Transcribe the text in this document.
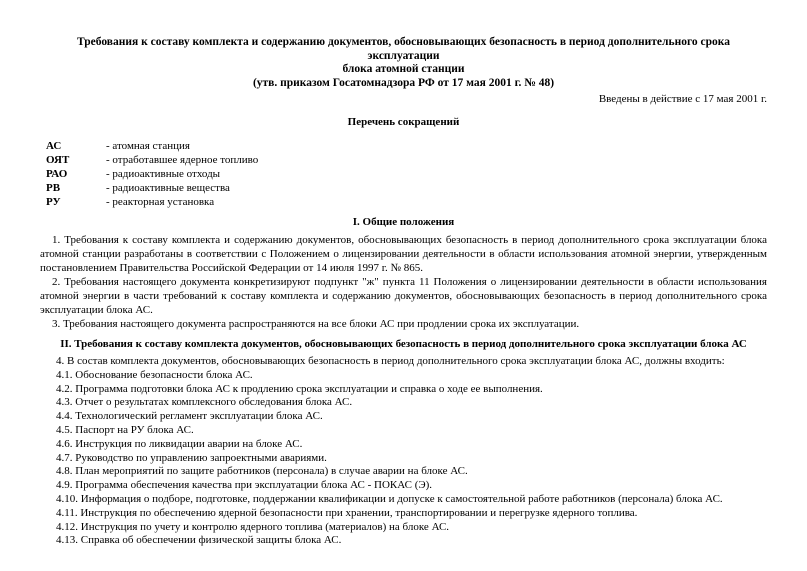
Требования к составу комплекта и содержанию документов, обосновывающих безопасность в период дополнительного срока эксплуатации
блока атомной станции
(утв. приказом Госатомнадзора РФ от 17 мая 2001 г. № 48)
Введены в действие с 17 мая 2001 г.
Перечень сокращений
АС	- атомная станция
ОЯТ	- отработавшее ядерное топливо
РАО	- радиоактивные отходы
РВ	- радиоактивные вещества
РУ	- реакторная установка
I. Общие положения

1. Требования к составу комплекта и содержанию документов, обосновывающих безопасность в период дополнительного срока эксплуатации блока атомной станции разработаны в соответствии с Положением о лицензировании деятельности в области использования атомной энергии, утвержденным постановлением Правительства Российской Федерации от 14 июля 1997 г. № 865.

2. Требования настоящего документа конкретизируют подпункт "ж" пункта 11 Положения о лицензировании деятельности в области использования атомной энергии в части требований к составу комплекта и содержанию документов, обосновывающих безопасность в период дополнительного срока эксплуатации блока АС.

3. Требования настоящего документа распространяются на все блоки АС при продлении срока их эксплуатации.

II. Требования к составу комплекта документов, обосновывающих безопасность в период дополнительного срока эксплуатации блока АС
4. В состав комплекта документов, обосновывающих безопасность в период дополнительного срока эксплуатации блока АС, должны входить:
4.1. Обоснование безопасности блока АС.
4.2. Программа подготовки блока АС к продлению срока эксплуатации и справка о ходе ее выполнения.
4.3. Отчет о результатах комплексного обследования блока АС.
4.4. Технологический регламент эксплуатации блока АС.
4.5. Паспорт на РУ блока АС.
4.6. Инструкция по ликвидации аварии на блоке АС.
4.7. Руководство по управлению запроектными авариями.
4.8. План мероприятий по защите работников (персонала) в случае аварии на блоке АС.
4.9. Программа обеспечения качества при эксплуатации блока АС - ПОКАС (Э).
4.10. Информация о подборе, подготовке, поддержании квалификации и допуске к самостоятельной работе работников (персонала) блока АС.
4.11. Инструкция по обеспечению ядерной безопасности при хранении, транспортировании и перегрузке ядерного топлива.
4.12. Инструкция по учету и контролю ядерного топлива (материалов) на блоке АС.
4.13. Справка об обеспечении физической защиты блока АС.
